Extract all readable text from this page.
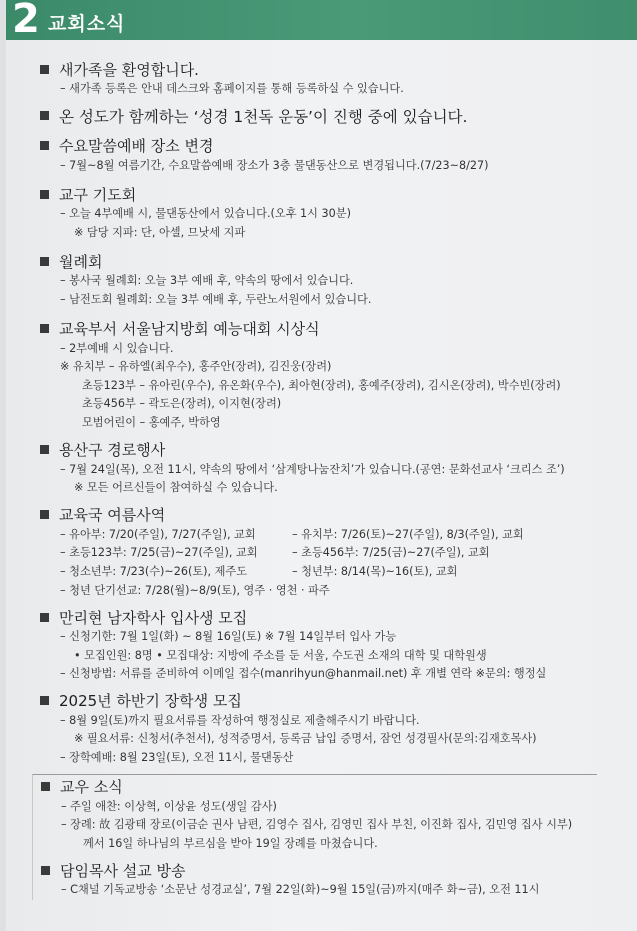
2 교회소식
새가족을 환영합니다.
– 새가족 등록은 안내 데스크와 홈페이지를 통해 등록하실 수 있습니다.
온 성도가 함께하는 ‘성경 1천독 운동’이 진행 중에 있습니다.
수요말씀예배 장소 변경
– 7월~8월 여름기간, 수요말씀예배 장소가 3층 물댄동산으로 변경됩니다.(7/23~8/27)
교구 기도회
– 오늘 4부예배 시, 물댄동산에서 있습니다.(오후 1시 30분)
※ 담당 지파: 단, 아셀, 므낫세 지파
월례회
– 봉사국 월례회: 오늘 3부 예배 후, 약속의 땅에서 있습니다.
– 남전도회 월례회: 오늘 3부 예배 후, 두란노서원에서 있습니다.
교육부서 서울남지방회 예능대회 시상식
– 2부예배 시 있습니다.
※ 유치부 – 유하엘(최우수), 홍주안(장려), 김진웅(장려)
초등123부 – 유아린(우수), 유온화(우수), 최아현(장려), 홍예주(장려), 김시온(장려), 박수빈(장려)
초등456부 – 곽도은(장려), 이지현(장려)
모범어린이 – 홍예주, 박하영
용산구 경로행사
– 7월 24일(목), 오전 11시, 약속의 땅에서 ‘삼계탕나눔잔치’가 있습니다.(공연: 문화선교사 ‘크리스 조’)
※ 모든 어르신들이 참여하실 수 있습니다.
교육국 여름사역
– 유아부: 7/20(주일), 7/27(주일), 교회	– 유치부: 7/26(토)~27(주일), 8/3(주일), 교회
– 초등123부: 7/25(금)~27(주일), 교회	– 초등456부: 7/25(금)~27(주일), 교회
– 청소년부: 7/23(수)~26(토), 제주도	– 청년부: 8/14(목)~16(토), 교회
– 청년 단기선교: 7/28(월)~8/9(토), 영주 · 영천 · 파주
만리현 남자학사 입사생 모집
– 신청기한: 7월 1일(화) ~ 8월 16일(토) ※ 7월 14일부터 입사 가능
• 모집인원: 8명 • 모집대상: 지방에 주소를 둔 서울, 수도권 소재의 대학 및 대학원생
– 신청방법: 서류를 준비하여 이메일 접수(manrihyun@hanmail.net) 후 개별 연락 ※문의: 행정실
2025년 하반기 장학생 모집
– 8월 9일(토)까지 필요서류를 작성하여 행정실로 제출해주시기 바랍니다.
※ 필요서류: 신청서(추천서), 성적증명서, 등록금 납입 증명서, 잠언 성경필사(문의:김재호목사)
– 장학예배: 8월 23일(토), 오전 11시, 물댄동산
교우 소식
– 주일 애찬: 이상혁, 이상윤 성도(생일 감사)
– 장례: 故 김광태 장로(이금순 권사 남편, 김영수 집사, 김영민 집사 부친, 이진화 집사, 김민영 집사 시부)
께서 16일 하나님의 부르심을 받아 19일 장례를 마쳤습니다.
담임목사 설교 방송
– C채널 기독교방송 ‘소문난 성경교실’, 7월 22일(화)~9월 15일(금)까지(매주 화~금), 오전 11시
